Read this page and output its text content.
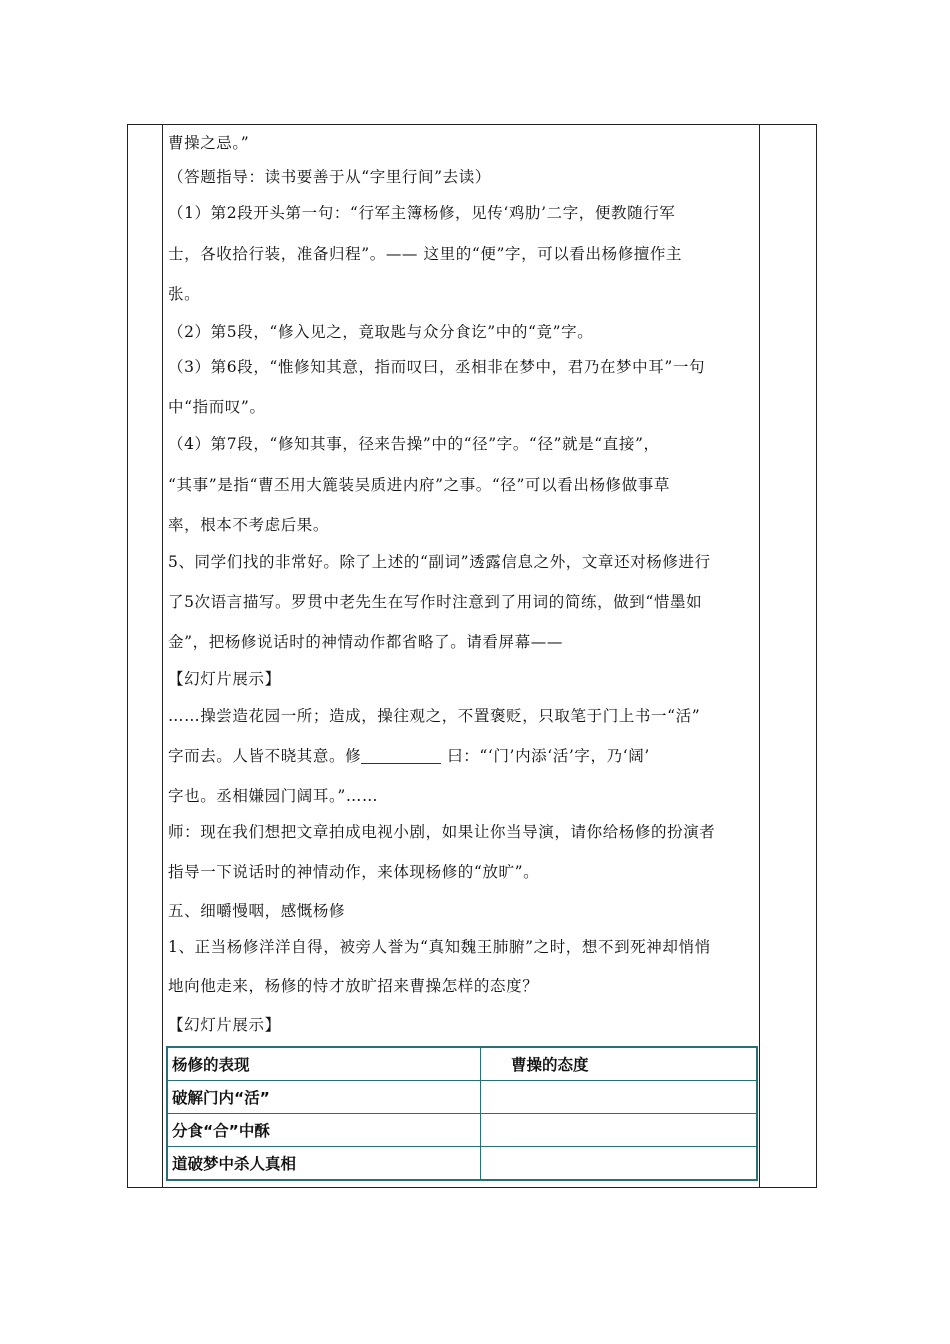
曹操之忌。”
（答题指导：读书要善于从“字里行间”去读）
（1）第2段开头第一句：“行军主簿杨修，见传‘鸡肋’二字，便教随行军
士，各收拾行装，准备归程”。—— 这里的“便”字，可以看出杨修擅作主
张。
（2）第5段，“修入见之，竟取匙与众分食讫”中的“竟”字。
（3）第6段，“惟修知其意，指而叹曰，丞相非在梦中，君乃在梦中耳”一句
中“指而叹”。
（4）第7段，“修知其事，径来告操”中的“径”字。“径”就是“直接”，
“其事”是指“曹丕用大簏装吴质进内府”之事。“径”可以看出杨修做事草
率，根本不考虑后果。
5、同学们找的非常好。除了上述的“副词”透露信息之外，文章还对杨修进行
了5次语言描写。罗贯中老先生在写作时注意到了用词的简练，做到“惜墨如
金”，把杨修说话时的神情动作都省略了。请看屏幕——
【幻灯片展示】
……操尝造花园一所；造成，操往观之，不置褒贬，只取笔于门上书一“活”
字而去。人皆不晓其意。修	曰：“‘门’内添‘活’字，乃‘阔’
字也。丞相嫌园门阔耳。”……
师：现在我们想把文章拍成电视小剧，如果让你当导演，请你给杨修的扮演者
指导一下说话时的神情动作，来体现杨修的“放旷”。
五、细嚼慢咽，感慨杨修
1、正当杨修洋洋自得，被旁人誉为“真知魏王肺腑”之时，想不到死神却悄悄
地向他走来，杨修的恃才放旷招来曹操怎样的态度？
【幻灯片展示】
杨修的表现	曹操的态度
破解门内“活”	
分食“合”中酥	
道破梦中杀人真相	
